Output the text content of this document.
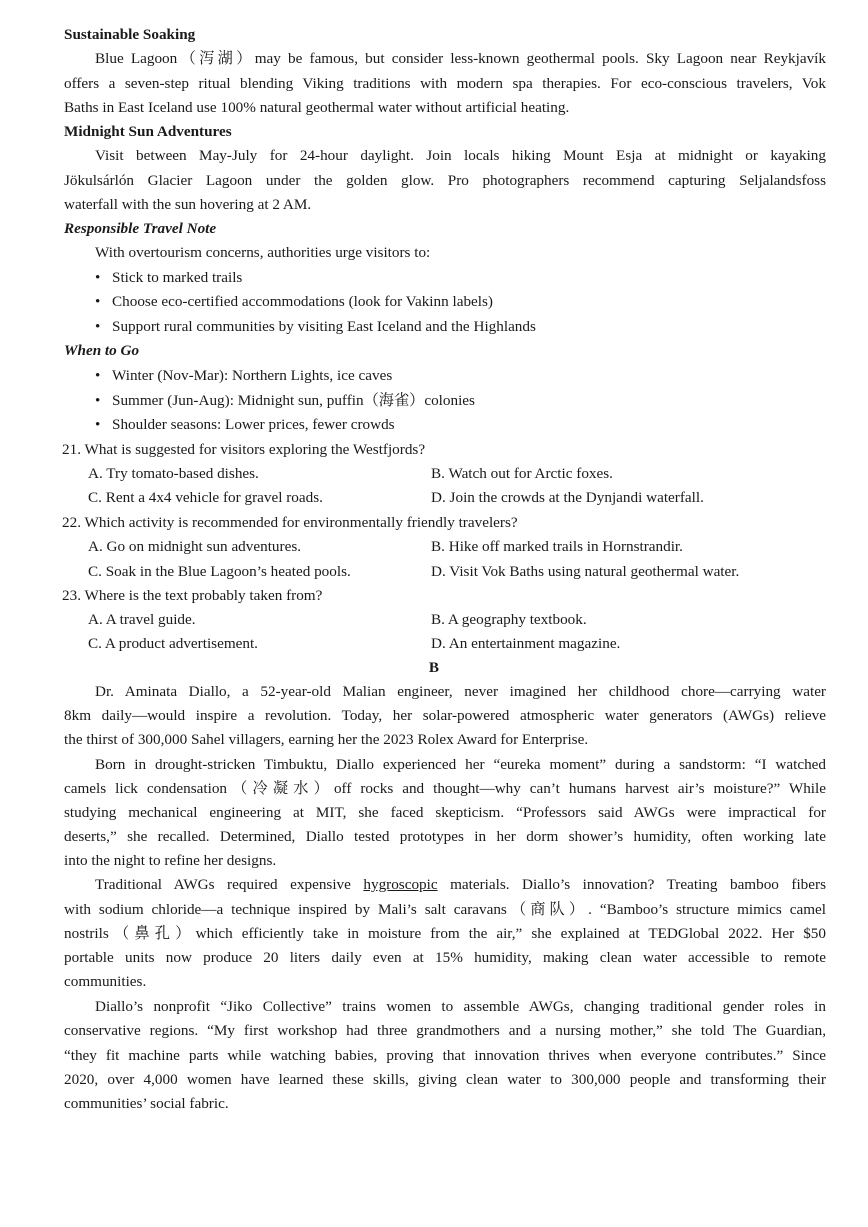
Sustainable Soaking
Blue Lagoon（泻湖）may be famous, but consider less-known geothermal pools. Sky Lagoon near Reykjavík
offers a seven-step ritual blending Viking traditions with modern spa therapies. For eco-conscious travelers, Vok
Baths in East Iceland use 100% natural geothermal water without artificial heating.
Midnight Sun Adventures
Visit between May-July for 24-hour daylight. Join locals hiking Mount Esja at midnight or kayaking
Jökulsárlón Glacier Lagoon under the golden glow. Pro photographers recommend capturing Seljalandsfoss
waterfall with the sun hovering at 2 AM.
Responsible Travel Note
With overtourism concerns, authorities urge visitors to:
• Stick to marked trails
• Choose eco-certified accommodations (look for Vakinn labels)
• Support rural communities by visiting East Iceland and the Highlands
When to Go
• Winter (Nov-Mar): Northern Lights, ice caves
• Summer (Jun-Aug): Midnight sun, puffin（海雀）colonies
• Shoulder seasons: Lower prices, fewer crowds
21. What is suggested for visitors exploring the Westfjords?
A. Try tomato-based dishes.	B. Watch out for Arctic foxes.
C. Rent a 4x4 vehicle for gravel roads.	D. Join the crowds at the Dynjandi waterfall.
22. Which activity is recommended for environmentally friendly travelers?
A. Go on midnight sun adventures.	B. Hike off marked trails in Hornstrandir.
C. Soak in the Blue Lagoon’s heated pools.	D. Visit Vok Baths using natural geothermal water.
23. Where is the text probably taken from?
A. A travel guide.	B. A geography textbook.
C. A product advertisement.	D. An entertainment magazine.
B
Dr. Aminata Diallo, a 52-year-old Malian engineer, never imagined her childhood chore—carrying water
8km daily—would inspire a revolution. Today, her solar-powered atmospheric water generators (AWGs) relieve
the thirst of 300,000 Sahel villagers, earning her the 2023 Rolex Award for Enterprise.
Born in drought-stricken Timbuktu, Diallo experienced her “eureka moment” during a sandstorm: “I watched
camels lick condensation（冷凝水）off rocks and thought—why can’t humans harvest air’s moisture?” While
studying mechanical engineering at MIT, she faced skepticism. “Professors said AWGs were impractical for
deserts,” she recalled. Determined, Diallo tested prototypes in her dorm shower’s humidity, often working late
into the night to refine her designs.
Traditional AWGs required expensive hygroscopic materials. Diallo’s innovation? Treating bamboo fibers
with sodium chloride—a technique inspired by Mali’s salt caravans（商队）. “Bamboo’s structure mimics camel
nostrils（鼻孔）which efficiently take in moisture from the air,” she explained at TEDGlobal 2022. Her $50
portable units now produce 20 liters daily even at 15% humidity, making clean water accessible to remote
communities.
Diallo’s nonprofit “Jiko Collective” trains women to assemble AWGs, changing traditional gender roles in
conservative regions. “My first workshop had three grandmothers and a nursing mother,” she told The Guardian,
“they fit machine parts while watching babies, proving that innovation thrives when everyone contributes.” Since
2020, over 4,000 women have learned these skills, giving clean water to 300,000 people and transforming their
communities’ social fabric.
